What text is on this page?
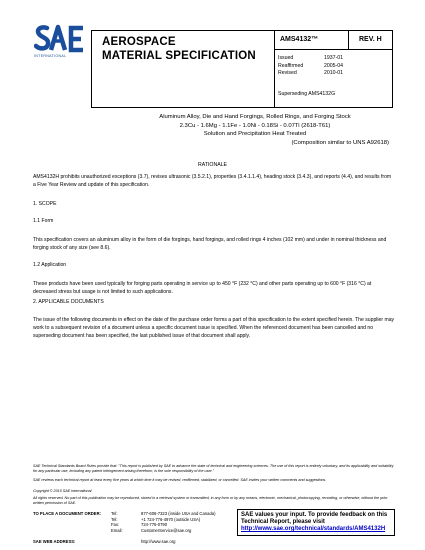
INTERNATIONAL
AEROSPACE
MATERIAL SPECIFICATION
AMS4132™	REV. H
Issued	1937-01
Reaffirmed	2005-04
Revised	2010-01
Superseding AMS4132G
Aluminum Alloy, Die and Hand Forgings, Rolled Rings, and Forging Stock
2.3Cu - 1.6Mg - 1.1Fe - 1.0Ni - 0.18Si - 0.07Ti (2618-T61)
Solution and Precipitation Heat Treated
(Composition similar to UNS A92618)
RATIONALE
AMS4132H prohibits unauthorized exceptions (3.7), revises ultrasonic (3.5.2.1), properties (3.4.1.1.4), heading stock (3.4.3), and reports (4.4), and results from a Five Year Review and update of this specification.
1. SCOPE
1.1 Form
This specification covers an aluminum alloy in the form of die forgings, hand forgings, and rolled rings 4 inches (102 mm) and under in nominal thickness and forging stock of any size (see 8.6).
1.2 Application
These products have been used typically for forging parts operating in service up to 450 °F (232 °C) and other parts operating up to 600 °F (316 °C) at decreased stress but usage is not limited to such applications.
2. APPLICABLE DOCUMENTS
The issue of the following documents in effect on the date of the purchase order forms a part of this specification to the extent specified herein. The supplier may work to a subsequent revision of a document unless a specific document issue is specified. When the referenced document has been cancelled and no superseding document has been specified, the last published issue of that document shall apply.
SAE Technical Standards Board Rules provide that: "This report is published by SAE to advance the state of technical and engineering sciences. The use of this report is entirely voluntary, and its applicability and suitability for any particular use, including any patent infringement arising therefrom, is the sole responsibility of the user."
SAE reviews each technical report at least every five years at which time it may be revised, reaffirmed, stabilized, or cancelled. SAE invites your written comments and suggestions.
Copyright © 2010 SAE International
All rights reserved. No part of this publication may be reproduced, stored in a retrieval system or transmitted, in any form or by any means, electronic, mechanical, photocopying, recording, or otherwise, without the prior written permission of SAE.
TO PLACE A DOCUMENT ORDER: Tel:	877-606-7323 (inside USA and Canada)
Tel:	+1 724-776-4970 (outside USA)
Fax:	724-776-0790
Email:	CustomerService@sae.org
SAE WEB ADDRESS:	http://www.sae.org
SAE values your input. To provide feedback on this Technical Report, please visit http://www.sae.org/technical/standards/AMS4132H
